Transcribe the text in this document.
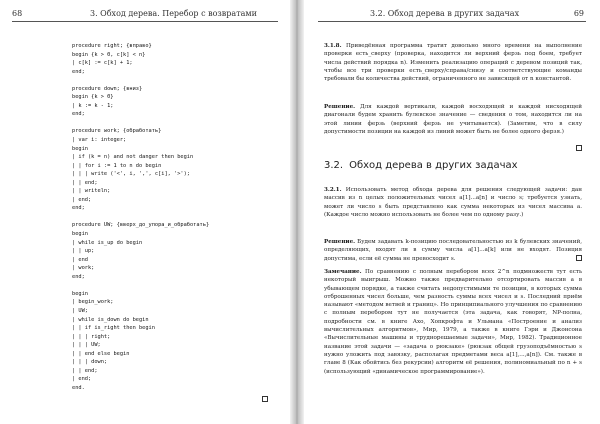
68	3. Обход дерева. Перебор с возвратами
procedure right; {вправо}
begin {k > 0, c[k] < n}
| c[k] := c[k] + 1;
end;
procedure down; {вниз}
begin {k > 0}
| k := k - 1;
end;
procedure work; {обработать}
| var i: integer;
begin
| if (k = n) and not danger then begin
| | for i := 1 to n do begin
| | | write ('<', i, ',', c[i], '>');
| | end;
| | writeln;
| end;
end;
procedure UW; {вверх_до_упора_и_обработать}
begin
| while is_up do begin
| | up;
| end
| work;
end;
begin
| begin_work;
| UW;
| while is_down do begin
| | if is_right then begin
| | | right;
| | | UW;
| | end else begin
| | | down;
| | end;
| end;
end.
3.2. Обход дерева в других задачах	69
3.1.8. Приведённая программа тратит довольно много времени на выполнение проверки есть_сверху (проверка, находится ли верхний ферзь под боем, требует числа действий порядка n). Изменить реализацию операций с деревом позиций так, чтобы все три проверки есть_сверху/справа/снизу и соответствующие команды требовали бы количества действий, ограниченного не зависящей от n константой.
Решение. Для каждой вертикали, каждой восходящей и каждой нисходящей диагонали будем хранить булевское значение — сведения о том, находится ли на этой линии ферзь (верхний ферзь не учитывается). (Заметим, что в силу допустимости позиции на каждой из линий может быть не более одного ферзя.)
3.2. Обход дерева в других задачах
3.2.1. Использовать метод обхода дерева для решения следующей задачи: дан массив из n целых положительных чисел a[1]...a[n] и число s; требуется узнать, может ли число s быть представлено как сумма некоторых из чисел массива a. (Каждое число можно использовать не более чем по одному разу.)
Решение. Будем задавать k-позицию последовательностью из k булевских значений, определяющих, входят ли в сумму числа a[1]...a[k] или не входят. Позиция допустима, если её сумма не превосходит s.
Замечание. По сравнению с полным перебором всех 2^n подмножеств тут есть некоторый выигрыш. Можно также предварительно отсортировать массив a в убывающем порядке, а также считать недопустимыми те позиции, в которых сумма отброшенных чисел больше, чем разность суммы всех чисел и s. Последний приём называют «методом ветвей и границ». Но принципиального улучшения по сравнению с полным перебором тут не получается (эта задача, как говорят, NP-полна, подробности см. в книге Ахо, Хопкрофта и Ульмана «Построение и анализ вычислительных алгоритмов», Мир, 1979, а также в книге Гэри и Джонсона «Вычислительные машины и труднорешаемые задачи», Мир, 1982). Традиционное название этой задачи — «задача о рюкзаке» (рюкзак общей грузоподъёмностью s нужно уложить под завязку, располагая предметами веса a[1],...,a[n]). См. также в главе 8 (Как обойтись без рекурсии) алгоритм её решения, полиномиальный по n + s (использующий «динамическое программирование»).
